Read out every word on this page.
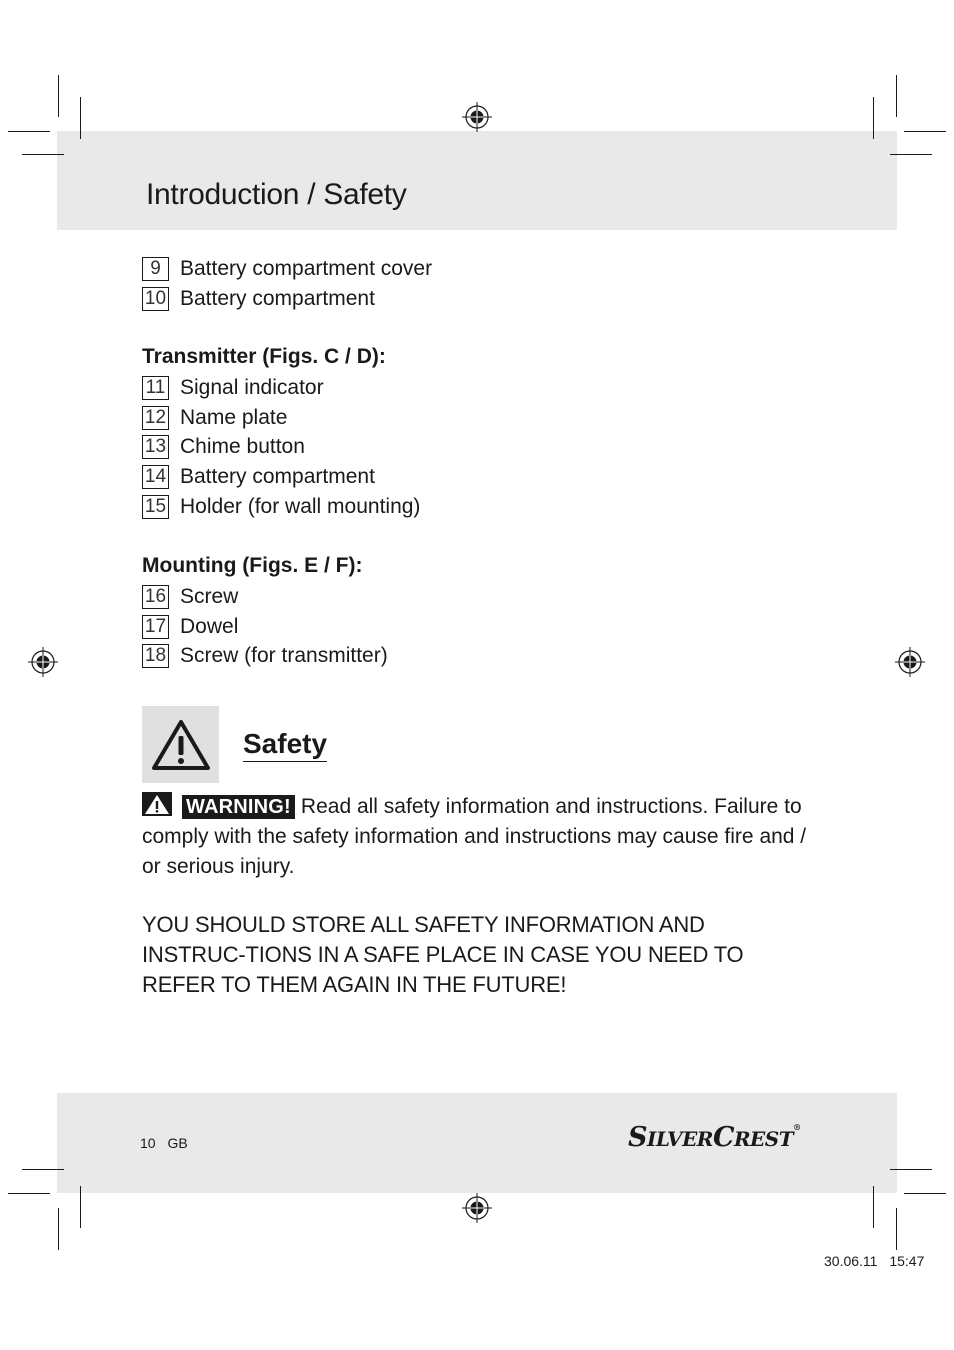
Introduction / Safety
9 Battery compartment cover
10 Battery compartment
Transmitter (Figs. C / D):
11 Signal indicator
12 Name plate
13 Chime button
14 Battery compartment
15 Holder (for wall mounting)
Mounting (Figs. E / F):
16 Screw
17 Dowel
18 Screw (for transmitter)
Safety

WARNING! Read all safety information and instructions. Failure to comply with the safety information and instructions may cause fire and / or serious injury.

YOU SHOULD STORE ALL SAFETY INFORMATION AND INSTRUC-TIONS IN A SAFE PLACE IN CASE YOU NEED TO REFER TO THEM AGAIN IN THE FUTURE!

10 GB	SILVERCREST®
30.06.11 15:47
